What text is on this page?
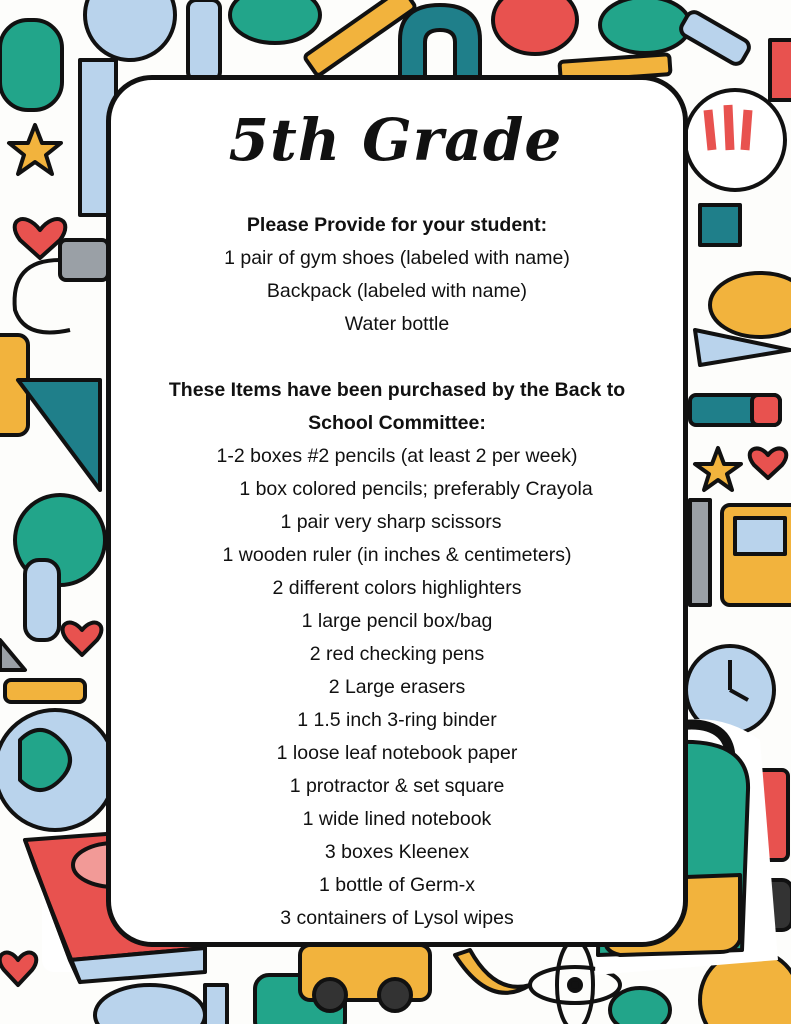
5th Grade
Please Provide for your student:
1 pair of gym shoes (labeled with name)
Backpack (labeled with name)
Water bottle
These Items have been purchased by the Back to
School Committee:
1-2 boxes #2 pencils (at least 2 per week)
1 box colored pencils; preferably Crayola
1 pair very sharp scissors
1 wooden ruler (in inches & centimeters)
2 different colors highlighters
1 large pencil box/bag
2 red checking pens
2 Large erasers
1 1.5 inch 3-ring binder
1 loose leaf notebook paper
1 protractor & set square
1 wide lined notebook
3 boxes Kleenex
1 bottle of Germ-x
3 containers of Lysol wipes
